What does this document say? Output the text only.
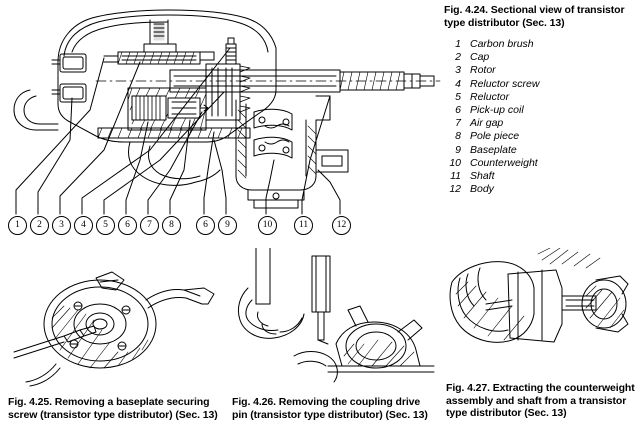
1	2	3	4	5	6	7	8	6	9	10	11	12
Fig. 4.24. Sectional view of transistor
type distributor (Sec. 13)
1 Carbon brush
2 Cap
3 Rotor
4 Reluctor screw
5 Reluctor
6 Pick-up coil
7 Air gap
8 Pole piece
9 Baseplate
10 Counterweight
11 Shaft
12 Body
Fig. 4.25. Removing a baseplate securing
screw (transistor type distributor) (Sec. 13)
Fig. 4.26. Removing the coupling drive
pin (transistor type distributor) (Sec. 13)
Fig. 4.27. Extracting the counterweight
assembly and shaft from a transistor
type distributor (Sec. 13)
